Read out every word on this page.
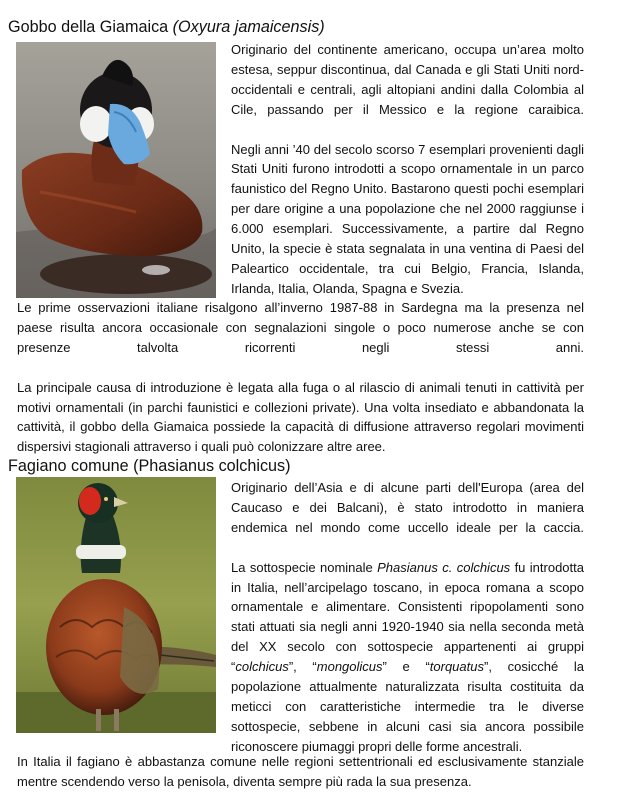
Gobbo della Giamaica (Oxyura jamaicensis)

Originario del continente americano, occupa un’area molto estesa, seppur discontinua, dal Canada e gli Stati Uniti nord-occidentali e centrali, agli altopiani andini dalla Colombia al Cile, passando per il Messico e la regione caraibica.

Negli anni ’40 del secolo scorso 7 esemplari provenienti dagli Stati Uniti furono introdotti a scopo ornamentale in un parco faunistico del Regno Unito. Bastarono questi pochi esemplari per dare origine a una popolazione che nel 2000 raggiunse i 6.000 esemplari. Successivamente, a partire dal Regno Unito, la specie è stata segnalata in una ventina di Paesi del Paleartico occidentale, tra cui Belgio, Francia, Islanda, Irlanda, Italia, Olanda, Spagna e Svezia.

Le prime osservazioni italiane risalgono all’inverno 1987-88 in Sardegna ma la presenza nel paese risulta ancora occasionale con segnalazioni singole o poco numerose anche se con presenze talvolta ricorrenti negli stessi anni.

La principale causa di introduzione è legata alla fuga o al rilascio di animali tenuti in cattività per motivi ornamentali (in parchi faunistici e collezioni private). Una volta insediato e abbandonata la cattività, il gobbo della Giamaica possiede la capacità di diffusione attraverso regolari movimenti dispersivi stagionali attraverso i quali può colonizzare altre aree.

Fagiano comune (Phasianus colchicus)

Originario dell’Asia e di alcune parti dell'Europa (area del Caucaso e dei Balcani), è stato introdotto in maniera endemica nel mondo come uccello ideale per la caccia.

La sottospecie nominale Phasianus c. colchicus fu introdotta in Italia, nell’arcipelago toscano, in epoca romana a scopo ornamentale e alimentare. Consistenti ripopolamenti sono stati attuati sia negli anni 1920-1940 sia nella seconda metà del XX secolo con sottospecie appartenenti ai gruppi “colchicus”, “mongolicus” e “torquatus”, cosicché la popolazione attualmente naturalizzata risulta costituita da meticci con caratteristiche intermedie tra le diverse sottospecie, sebbene in alcuni casi sia ancora possibile riconoscere piumaggi propri delle forme ancestrali.

In Italia il fagiano è abbastanza comune nelle regioni settentrionali ed esclusivamente stanziale mentre scendendo verso la penisola, diventa sempre più rada la sua presenza.
